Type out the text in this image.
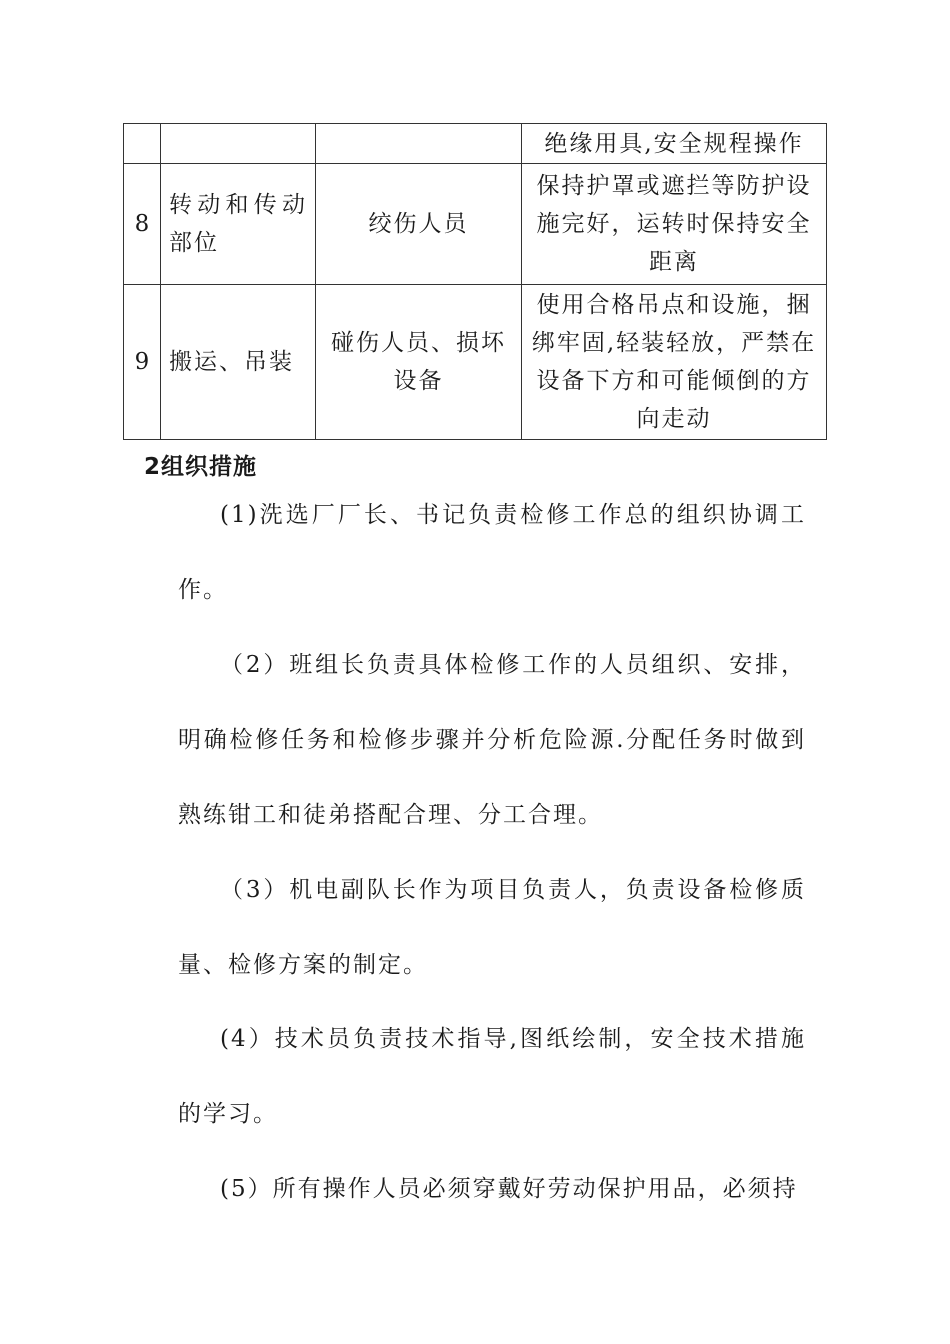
			绝缘用具,安全规程操作
8	转动和传动部位	绞伤人员	保持护罩或遮拦等防护设施完好，运转时保持安全距离
9	搬运、吊装	碰伤人员、损坏设备	使用合格吊点和设施，捆绑牢固,轻装轻放，严禁在设备下方和可能倾倒的方向走动
2组织措施

(1)洗选厂厂长、书记负责检修工作总的组织协调工作。

（2）班组长负责具体检修工作的人员组织、安排，明确检修任务和检修步骤并分析危险源.分配任务时做到熟练钳工和徒弟搭配合理、分工合理。

（3）机电副队长作为项目负责人，负责设备检修质量、检修方案的制定。

(4）技术员负责技术指导,图纸绘制，安全技术措施的学习。

(5）所有操作人员必须穿戴好劳动保护用品，必须持
